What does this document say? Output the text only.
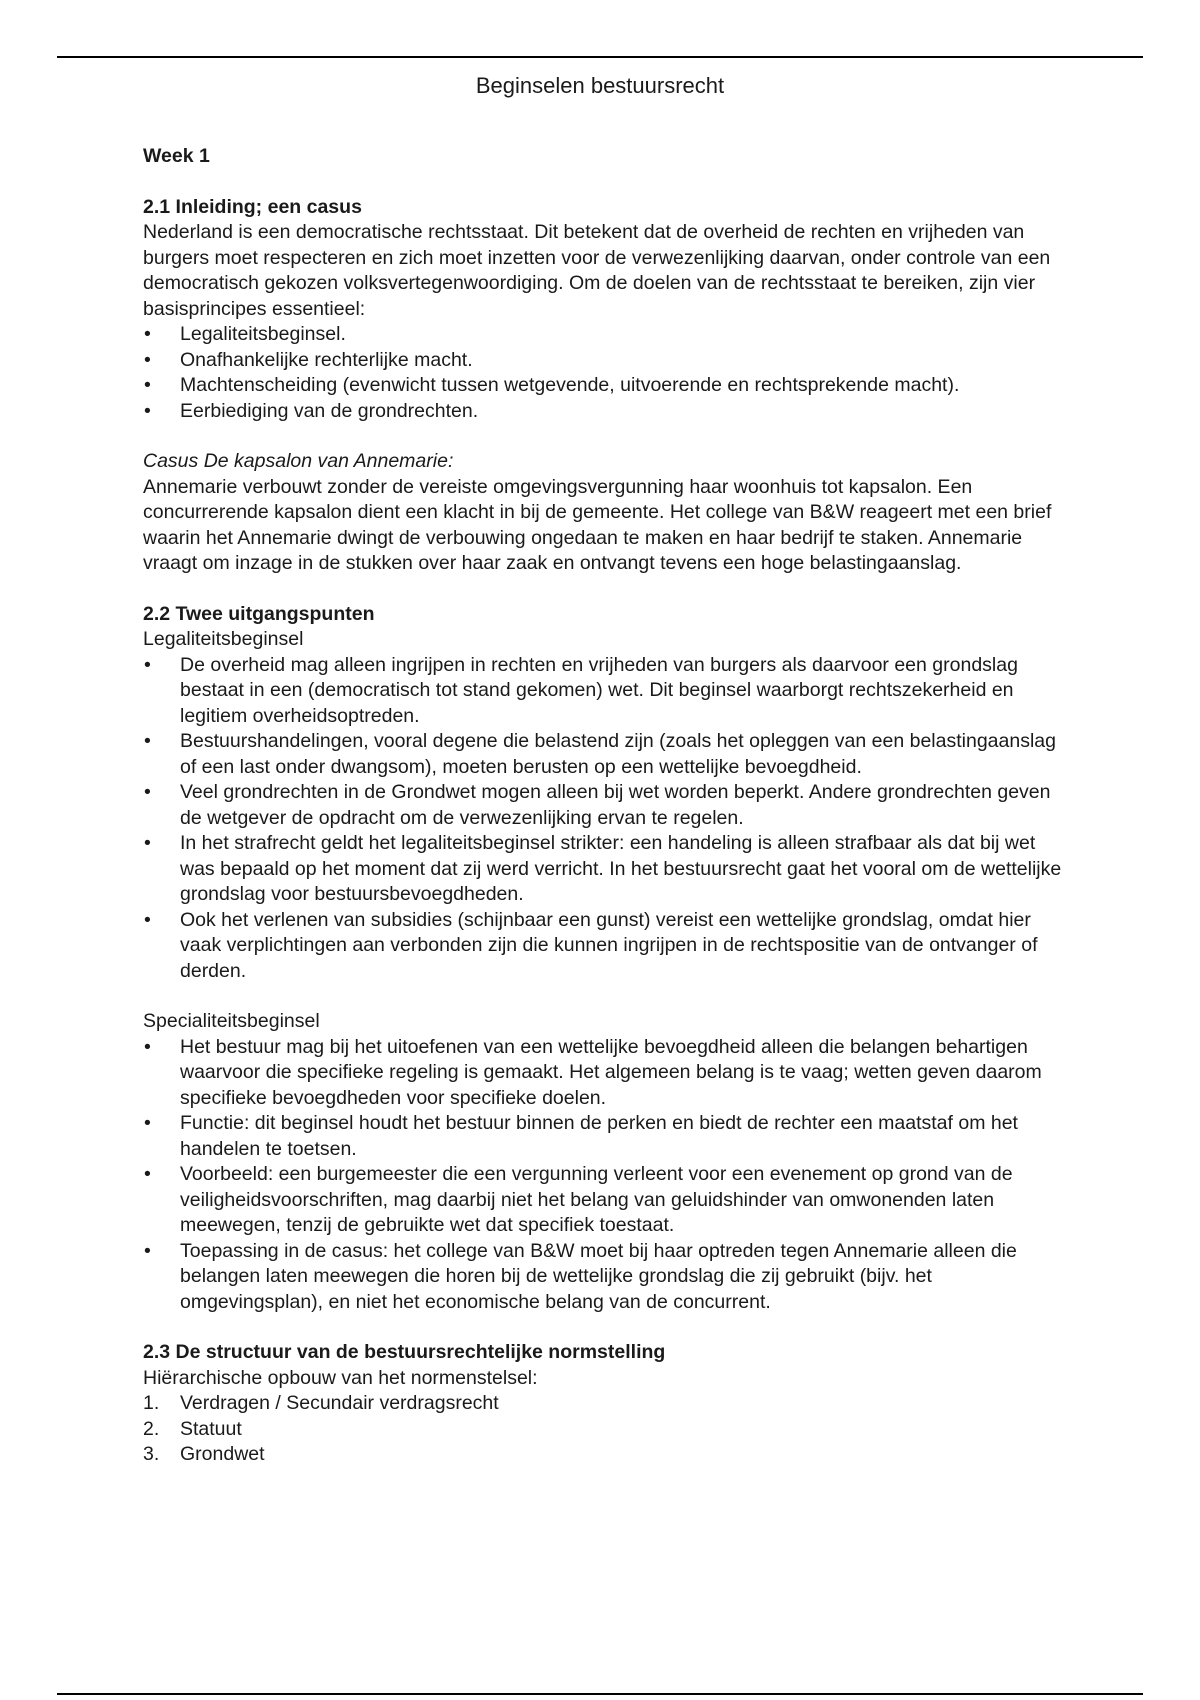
Beginselen bestuursrecht

Week 1

2.1 Inleiding; een casus

Nederland is een democratische rechtsstaat. Dit betekent dat de overheid de rechten en vrijheden van burgers moet respecteren en zich moet inzetten voor de verwezenlijking daarvan, onder controle van een democratisch gekozen volksvertegenwoordiging. Om de doelen van de rechtsstaat te bereiken, zijn vier basisprincipes essentieel:

• Legaliteitsbeginsel.
• Onafhankelijke rechterlijke macht.
• Machtenscheiding (evenwicht tussen wetgevende, uitvoerende en rechtsprekende macht).
• Eerbiediging van de grondrechten.

Casus De kapsalon van Annemarie:

Annemarie verbouwt zonder de vereiste omgevingsvergunning haar woonhuis tot kapsalon. Een concurrerende kapsalon dient een klacht in bij de gemeente. Het college van B&W reageert met een brief waarin het Annemarie dwingt de verbouwing ongedaan te maken en haar bedrijf te staken. Annemarie vraagt om inzage in de stukken over haar zaak en ontvangt tevens een hoge belastingaanslag.

2.2 Twee uitgangspunten

Legaliteitsbeginsel

• De overheid mag alleen ingrijpen in rechten en vrijheden van burgers als daarvoor een grondslag bestaat in een (democratisch tot stand gekomen) wet. Dit beginsel waarborgt rechtszekerheid en legitiem overheidsoptreden.
• Bestuurshandelingen, vooral degene die belastend zijn (zoals het opleggen van een belastingaanslag of een last onder dwangsom), moeten berusten op een wettelijke bevoegdheid.
• Veel grondrechten in de Grondwet mogen alleen bij wet worden beperkt. Andere grondrechten geven de wetgever de opdracht om de verwezenlijking ervan te regelen.
• In het strafrecht geldt het legaliteitsbeginsel strikter: een handeling is alleen strafbaar als dat bij wet was bepaald op het moment dat zij werd verricht. In het bestuursrecht gaat het vooral om de wettelijke grondslag voor bestuursbevoegdheden.
• Ook het verlenen van subsidies (schijnbaar een gunst) vereist een wettelijke grondslag, omdat hier vaak verplichtingen aan verbonden zijn die kunnen ingrijpen in de rechtspositie van de ontvanger of derden.

Specialiteitsbeginsel

• Het bestuur mag bij het uitoefenen van een wettelijke bevoegdheid alleen die belangen behartigen waarvoor die specifieke regeling is gemaakt. Het algemeen belang is te vaag; wetten geven daarom specifieke bevoegdheden voor specifieke doelen.
• Functie: dit beginsel houdt het bestuur binnen de perken en biedt de rechter een maatstaf om het handelen te toetsen.
• Voorbeeld: een burgemeester die een vergunning verleent voor een evenement op grond van de veiligheidsvoorschriften, mag daarbij niet het belang van geluidshinder van omwonenden laten meewegen, tenzij de gebruikte wet dat specifiek toestaat.
• Toepassing in de casus: het college van B&W moet bij haar optreden tegen Annemarie alleen die belangen laten meewegen die horen bij de wettelijke grondslag die zij gebruikt (bijv. het omgevingsplan), en niet het economische belang van de concurrent.

2.3 De structuur van de bestuursrechtelijke normstelling

Hiërarchische opbouw van het normenstelsel:

1. Verdragen / Secundair verdragsrecht
2. Statuut
3. Grondwet
